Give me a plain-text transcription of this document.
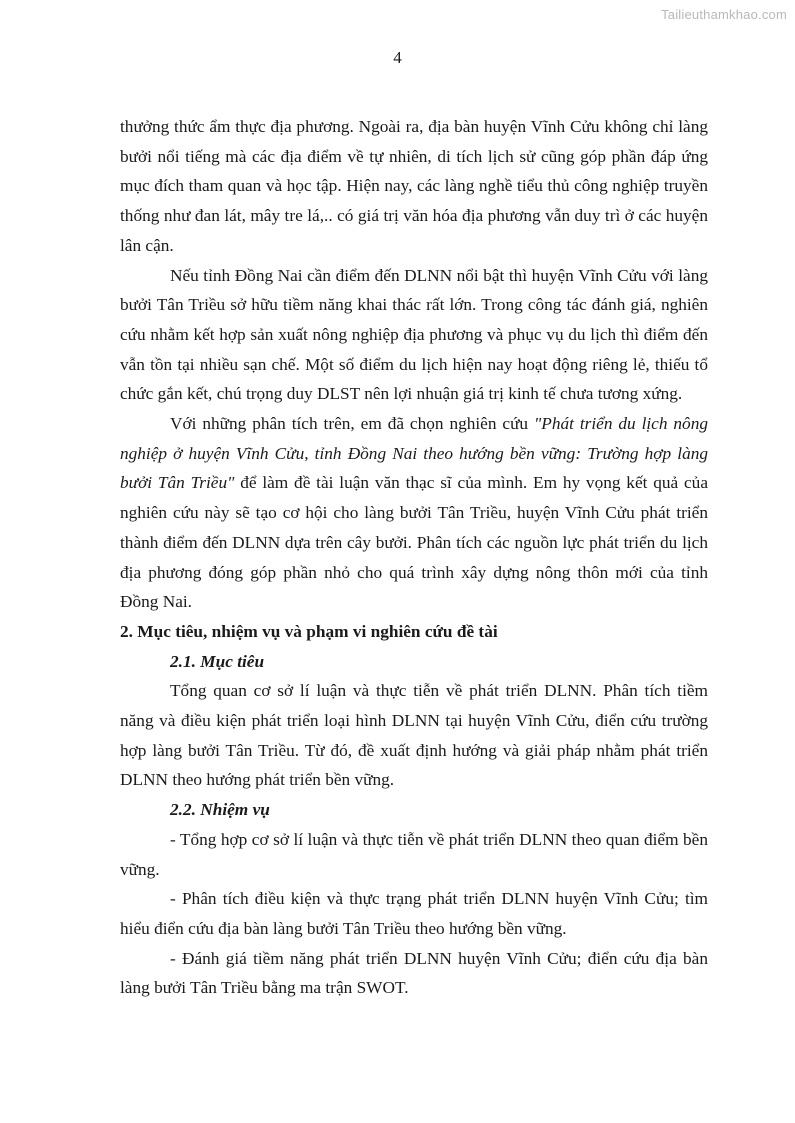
Tailieuthamkhao.com
4

thưởng thức ẩm thực địa phương. Ngoài ra, địa bàn huyện Vĩnh Cửu không chỉ làng bưởi nổi tiếng mà các địa điểm về tự nhiên, di tích lịch sử cũng góp phần đáp ứng mục đích tham quan và học tập. Hiện nay, các làng nghề tiểu thủ công nghiệp truyền thống như đan lát, mây tre lá,.. có giá trị văn hóa địa phương vẫn duy trì ở các huyện lân cận.

Nếu tỉnh Đồng Nai cần điểm đến DLNN nổi bật thì huyện Vĩnh Cửu với làng bưởi Tân Triều sở hữu tiềm năng khai thác rất lớn. Trong công tác đánh giá, nghiên cứu nhằm kết hợp sản xuất nông nghiệp địa phương và phục vụ du lịch thì điểm đến vẫn tồn tại nhiều sạn chế. Một số điểm du lịch hiện nay hoạt động riêng lẻ, thiếu tổ chức gắn kết, chú trọng duy DLST nên lợi nhuận giá trị kinh tế chưa tương xứng.

Với những phân tích trên, em đã chọn nghiên cứu "Phát triển du lịch nông nghiệp ở huyện Vĩnh Cửu, tỉnh Đồng Nai theo hướng bền vững: Trường hợp làng bưởi Tân Triều" để làm đề tài luận văn thạc sĩ của mình. Em hy vọng kết quả của nghiên cứu này sẽ tạo cơ hội cho làng bưởi Tân Triều, huyện Vĩnh Cửu phát triển thành điểm đến DLNN dựa trên cây bưởi. Phân tích các nguồn lực phát triển du lịch địa phương đóng góp phần nhỏ cho quá trình xây dựng nông thôn mới của tỉnh Đồng Nai.

2. Mục tiêu, nhiệm vụ và phạm vi nghiên cứu đề tài

2.1. Mục tiêu

Tổng quan cơ sở lí luận và thực tiễn về phát triển DLNN. Phân tích tiềm năng và điều kiện phát triển loại hình DLNN tại huyện Vĩnh Cửu, điển cứu trường hợp làng bưởi Tân Triều. Từ đó, đề xuất định hướng và giải pháp nhằm phát triển DLNN theo hướng phát triển bền vững.

2.2. Nhiệm vụ

- Tổng hợp cơ sở lí luận và thực tiễn về phát triển DLNN theo quan điểm bền vững.

- Phân tích điều kiện và thực trạng phát triển DLNN huyện Vĩnh Cửu; tìm hiểu điển cứu địa bàn làng bưởi Tân Triều theo hướng bền vững.

- Đánh giá tiềm năng phát triển DLNN huyện Vĩnh Cửu; điển cứu địa bàn làng bưởi Tân Triều bằng ma trận SWOT.
